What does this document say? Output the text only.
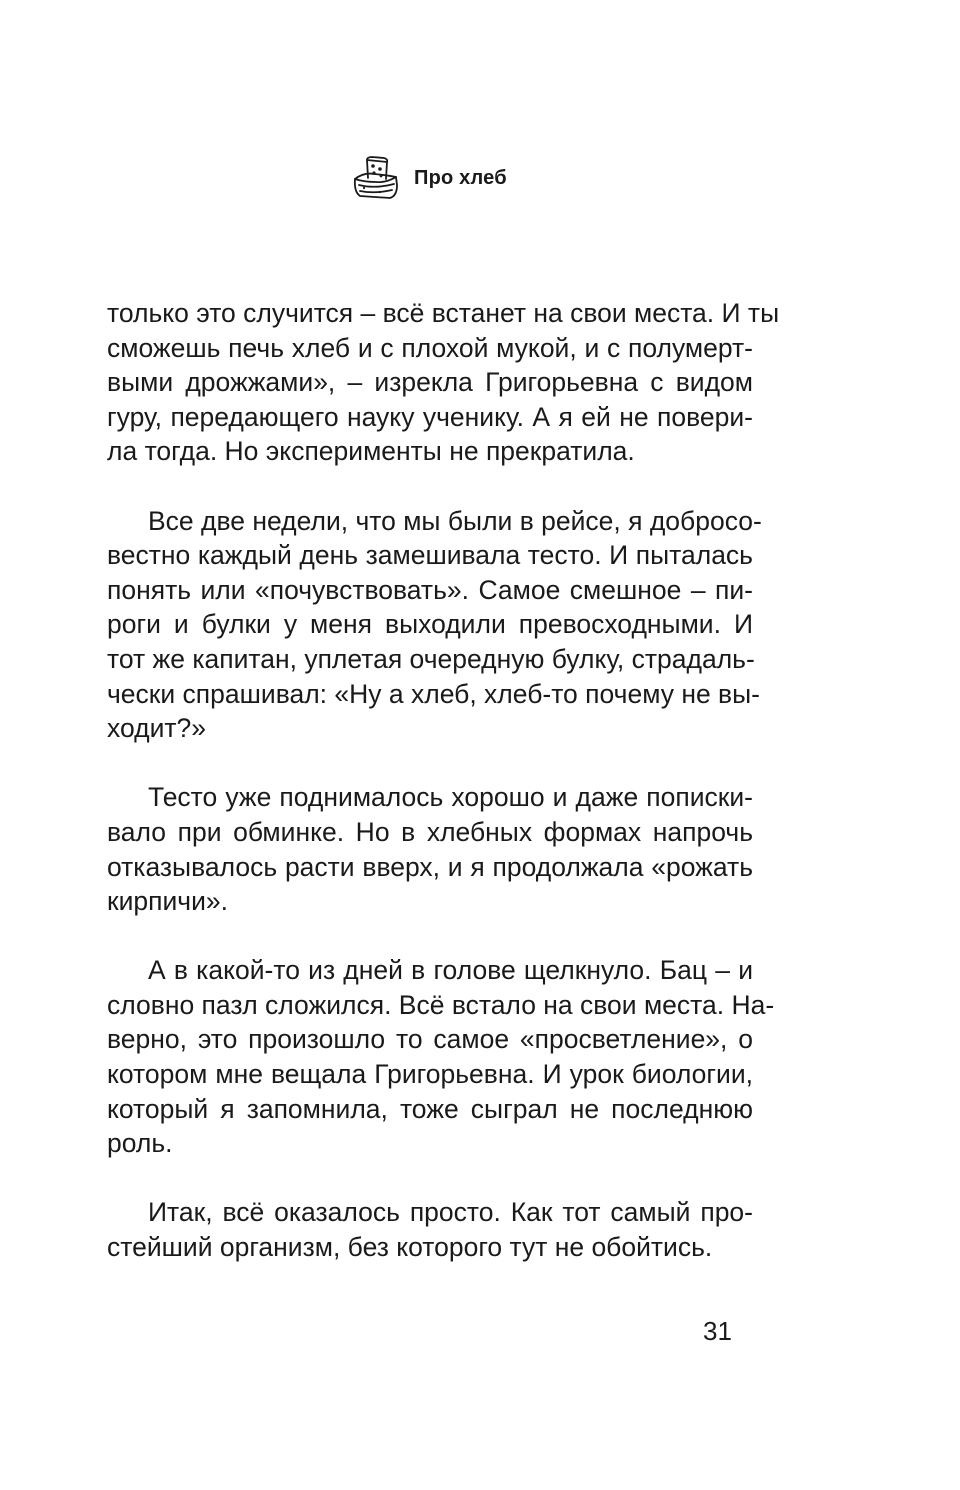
Про хлеб
только это случится – всё встанет на свои места. И ты
сможешь печь хлеб и с плохой мукой, и с полумерт-
выми дрожжами», – изрекла Григорьевна с видом
гуру, передающего науку ученику. А я ей не повери-
ла тогда. Но эксперименты не прекратила.
Все две недели, что мы были в рейсе, я добросо-
вестно каждый день замешивала тесто. И пыталась
понять или «почувствовать». Самое смешное – пи-
роги и булки у меня выходили превосходными. И
тот же капитан, уплетая очередную булку, страдаль-
чески спрашивал: «Ну а хлеб, хлеб-то почему не вы-
ходит?»
Тесто уже поднималось хорошо и даже пописки-
вало при обминке. Но в хлебных формах напрочь
отказывалось расти вверх, и я продолжала «рожать
кирпичи».
А в какой-то из дней в голове щелкнуло. Бац – и
словно пазл сложился. Всё встало на свои места. На-
верно, это произошло то самое «просветление», о
котором мне вещала Григорьевна. И урок биологии,
который я запомнила, тоже сыграл не последнюю
роль.
Итак, всё оказалось просто. Как тот самый про-
стейший организм, без которого тут не обойтись.
31
